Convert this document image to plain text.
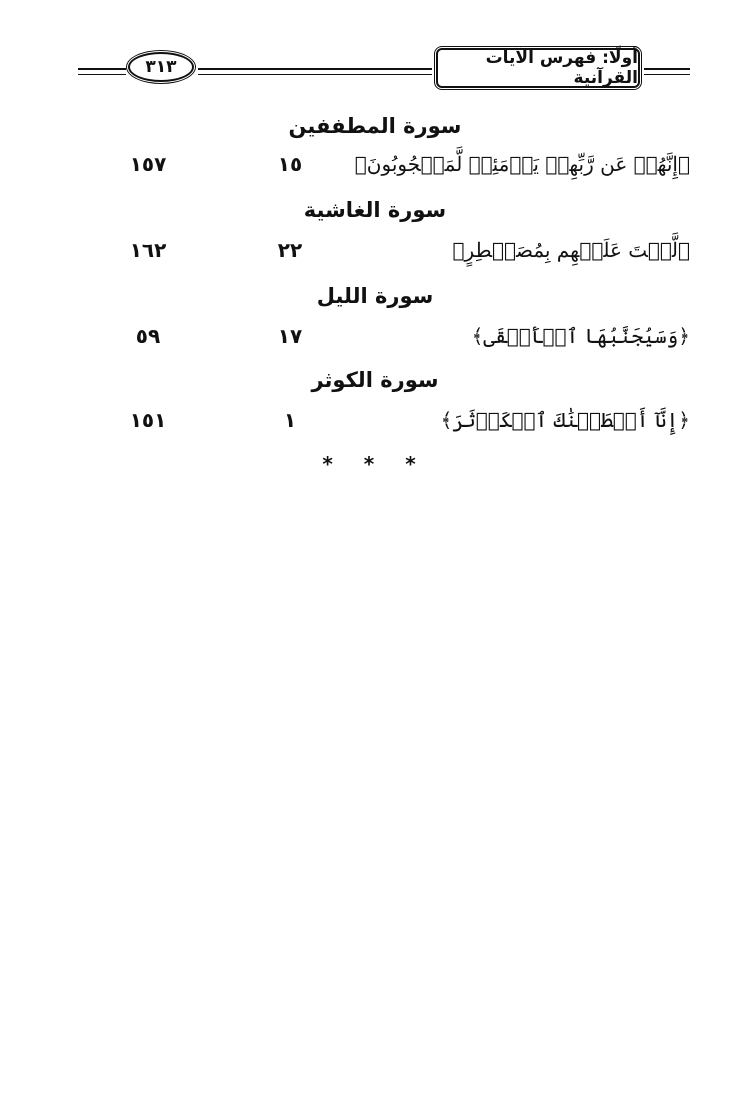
٣١٣	أولًا: فهرس الآيات القرآنية
سورة المطففين
﴿إِنَّهُمۡ عَن رَّبِّهِمۡ يَوۡمَئِذٖ لَّمَحۡجُوبُونَ﴾
١٥
١٥٧
سورة الغاشية
﴿لَّسۡتَ عَلَيۡهِم بِمُصَيۡطِرٍ﴾
٢٢
١٦٢
سورة الليل
﴿وَسَيُجَنَّبُهَا ٱلۡأَتۡقَى﴾
١٧
٥٩
سورة الكوثر
﴿إِنَّآ أَعۡطَيۡنَٰكَ ٱلۡكَوۡثَرَ﴾
١
١٥١
* * *
